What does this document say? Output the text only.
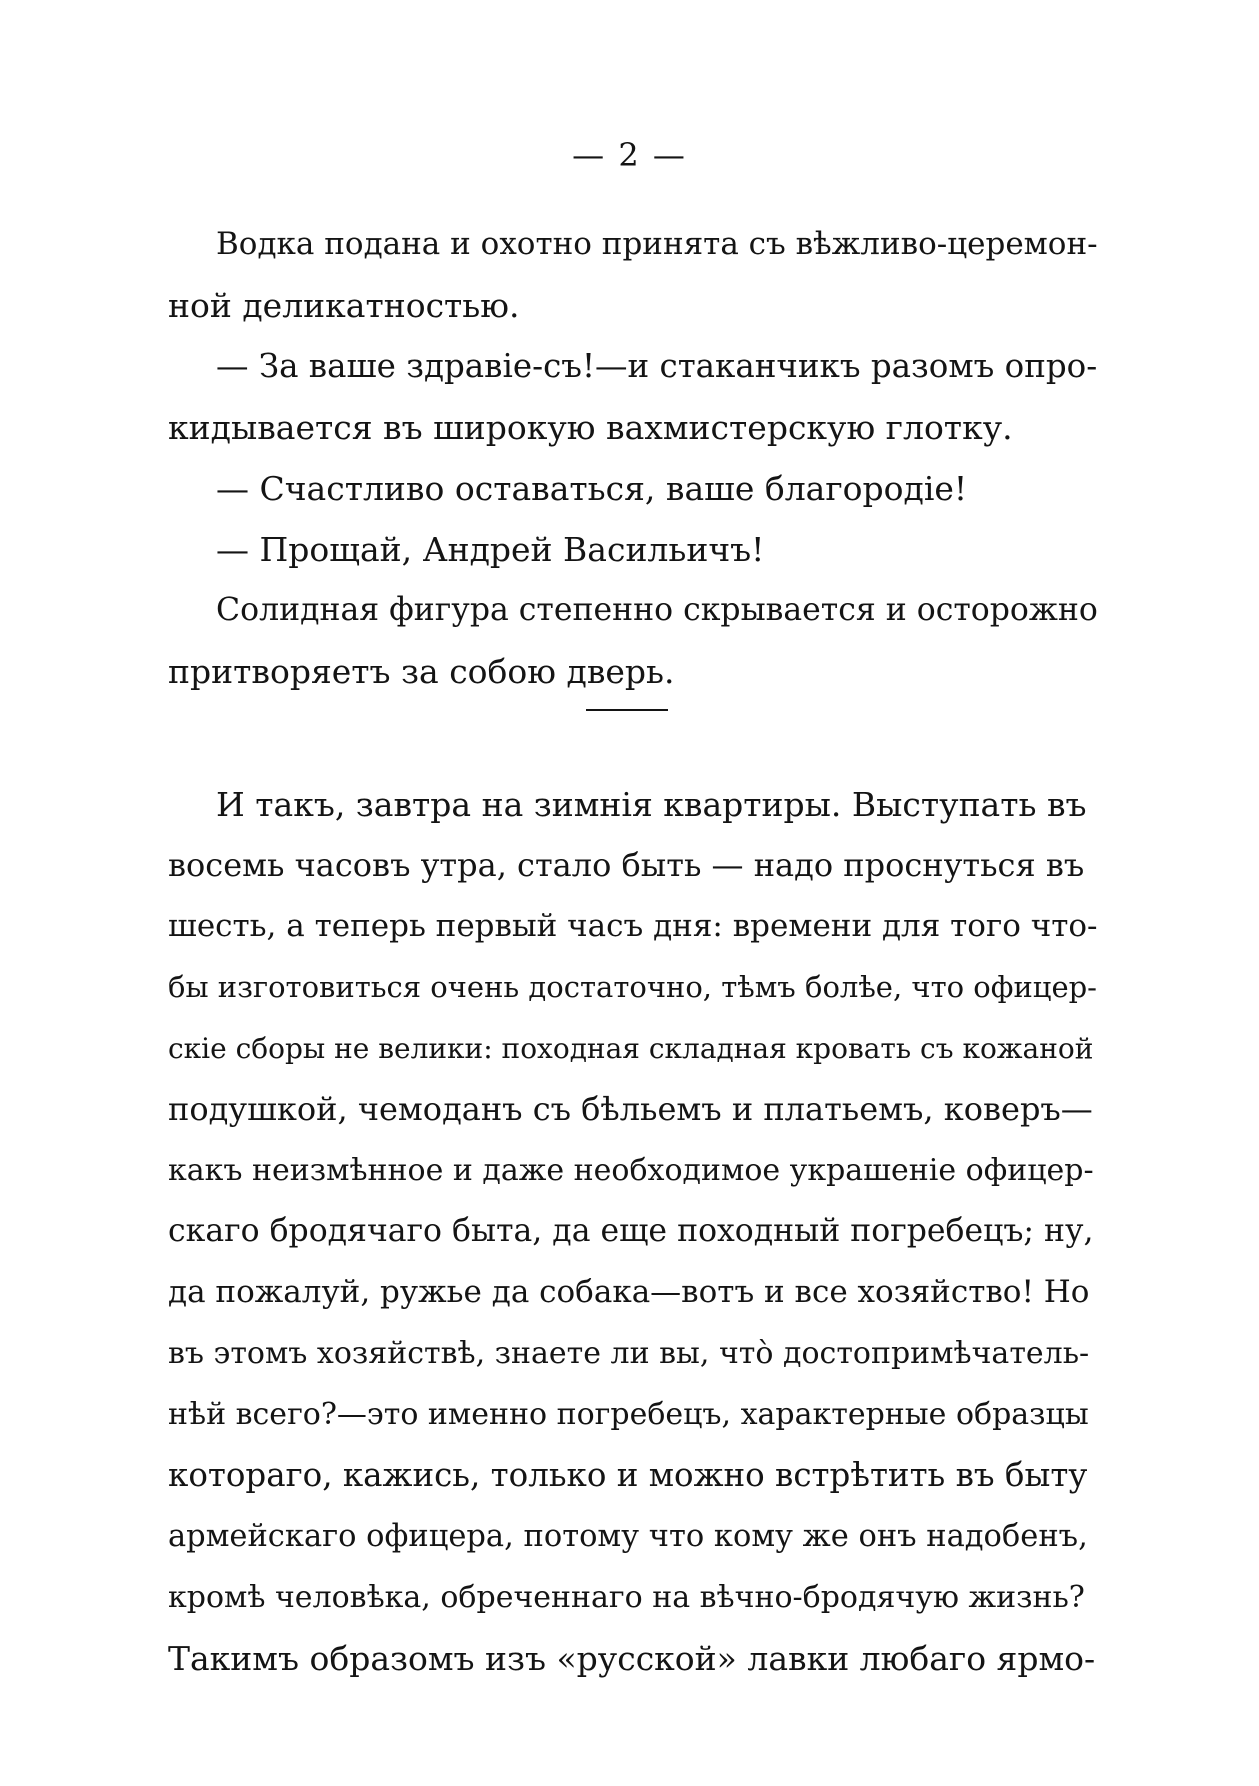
— 2 —
Водка подана и охотно принята съ вѣжливо-церемон-
ной деликатностью.
— За ваше здравіе-съ!—и стаканчикъ разомъ опро-
кидывается въ широкую вахмистерскую глотку.
— Счастливо оставаться, ваше благородіе!
— Прощай, Андрей Васильичъ!
Солидная фигура степенно скрывается и осторожно
притворяетъ за собою дверь.
И такъ, завтра на зимнія квартиры. Выступать въ
восемь часовъ утра, стало быть — надо проснуться въ
шесть, а теперь первый часъ дня: времени для того что-
бы изготовиться очень достаточно, тѣмъ болѣе, что офицер-
скіе сборы не велики: походная складная кровать съ кожаной
подушкой, чемоданъ съ бѣльемъ и платьемъ, коверъ—
какъ неизмѣнное и даже необходимое украшеніе офицер-
скаго бродячаго быта, да еще походный погребецъ; ну,
да пожалуй, ружье да собака—вотъ и все хозяйство! Но
въ этомъ хозяйствѣ, знаете ли вы, что̀ достопримѣчатель-
нѣй всего?—это именно погребецъ, характерные образцы
котораго, кажись, только и можно встрѣтить въ быту
армейскаго офицера, потому что кому же онъ надобенъ,
кромѣ человѣка, обреченнаго на вѣчно-бродячую жизнь?
Такимъ образомъ изъ «русской» лавки любаго ярмо-
